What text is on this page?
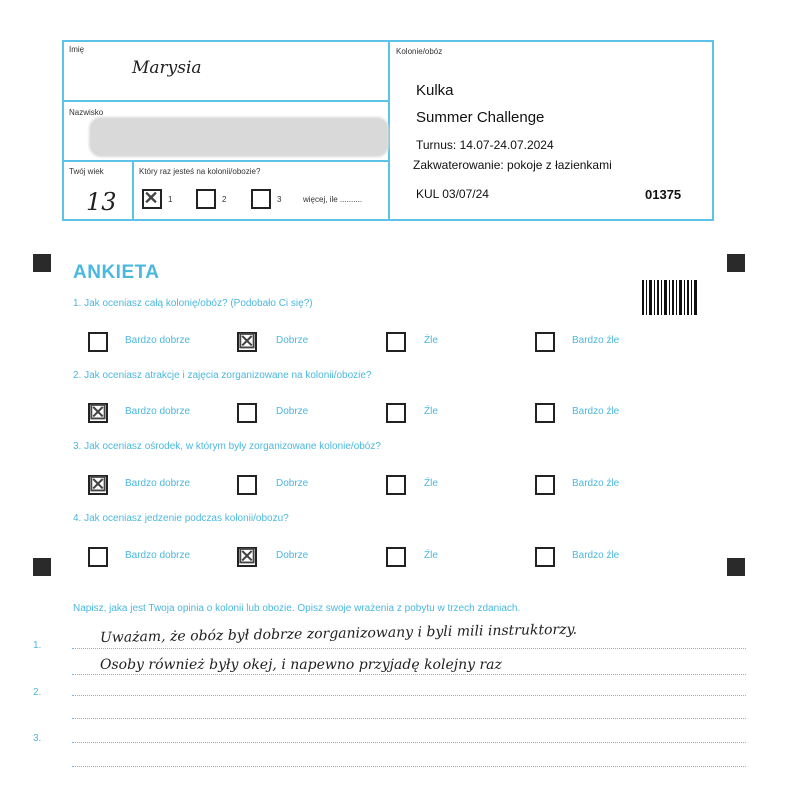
Imię
Marysia
Nazwisko
Twój wiek
13
Który raz jesteś na kolonii/obozie?
✕ 1	2	3	więcej, ile ..........
Kolonie/obóz
Kulka
Summer Challenge
Turnus: 14.07-24.07.2024
Zakwaterowanie: pokoje z łazienkami
KUL 03/07/24	01375
ANKIETA
1. Jak oceniasz całą kolonię/obóz? (Podobało Ci się?)
2. Jak oceniasz atrakcje i zajęcia zorganizowane na kolonii/obozie?
3. Jak oceniasz ośrodek, w którym były zorganizowane kolonie/obóz?
4. Jak oceniasz jedzenie podczas kolonii/obozu?
Bardzo dobrze ☒ Dobrze	Źle	Bardzo źle
☒ Bardzo dobrze	Dobrze	Źle	Bardzo źle
☒ Bardzo dobrze	Dobrze	Źle	Bardzo źle
Bardzo dobrze ☒ Dobrze	Źle	Bardzo źle
Napisz, jaka jest Twoja opinia o kolonii lub obozie. Opisz swoje wrażenia z pobytu w trzech zdaniach.
1.
2.
3.
Uważam, że obóz był dobrze zorganizowany i byli mili instruktorzy.
Osoby również były okej, i napewno przyjadę kolejny raz
